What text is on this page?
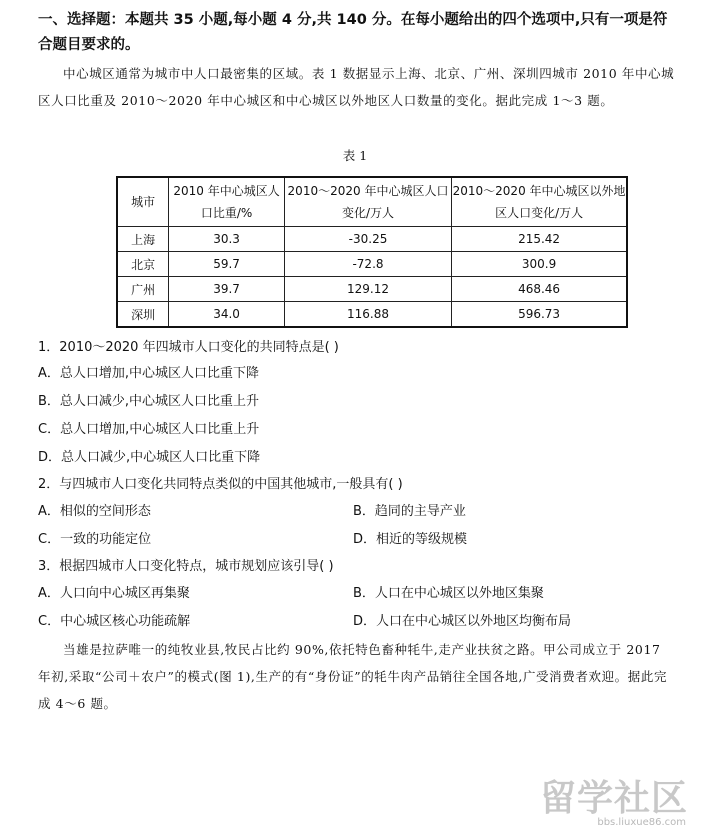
一、选择题：本题共 35 小题,每小题 4 分,共 140 分。在每小题给出的四个选项中,只有一项是符合题目要求的。
中心城区通常为城市中人口最密集的区域。表 1 数据显示上海、北京、广州、深圳四城市 2010 年中心城区人口比重及 2010～2020 年中心城区和中心城区以外地区人口数量的变化。据此完成 1～3 题。
表 1
城市	2010 年中心城区人口比重/%	2010～2020 年中心城区人口变化/万人	2010～2020 年中心城区以外地区人口变化/万人
上海	30.3	-30.25	215.42
北京	59.7	-72.8	300.9
广州	39.7	129.12	468.46
深圳	34.0	116.88	596.73
1．2010～2020 年四城市人口变化的共同特点是( )
A．总人口增加,中心城区人口比重下降
B．总人口减少,中心城区人口比重上升
C．总人口增加,中心城区人口比重上升
D．总人口减少,中心城区人口比重下降
2．与四城市人口变化共同特点类似的中国其他城市,一般具有( )
A．相似的空间形态	B．趋同的主导产业
C．一致的功能定位	D．相近的等级规模
3．根据四城市人口变化特点，城市规划应该引导( )
A．人口向中心城区再集聚	B．人口在中心城区以外地区集聚
C．中心城区核心功能疏解	D．人口在中心城区以外地区均衡布局
当雄是拉萨唯一的纯牧业县,牧民占比约 90%,依托特色畜种牦牛,走产业扶贫之路。甲公司成立于 2017 年初,采取“公司＋农户”的模式(图 1),生产的有“身份证”的牦牛肉产品销往全国各地,广受消费者欢迎。据此完成 4～6 题。
留学社区
bbs.liuxue86.com
